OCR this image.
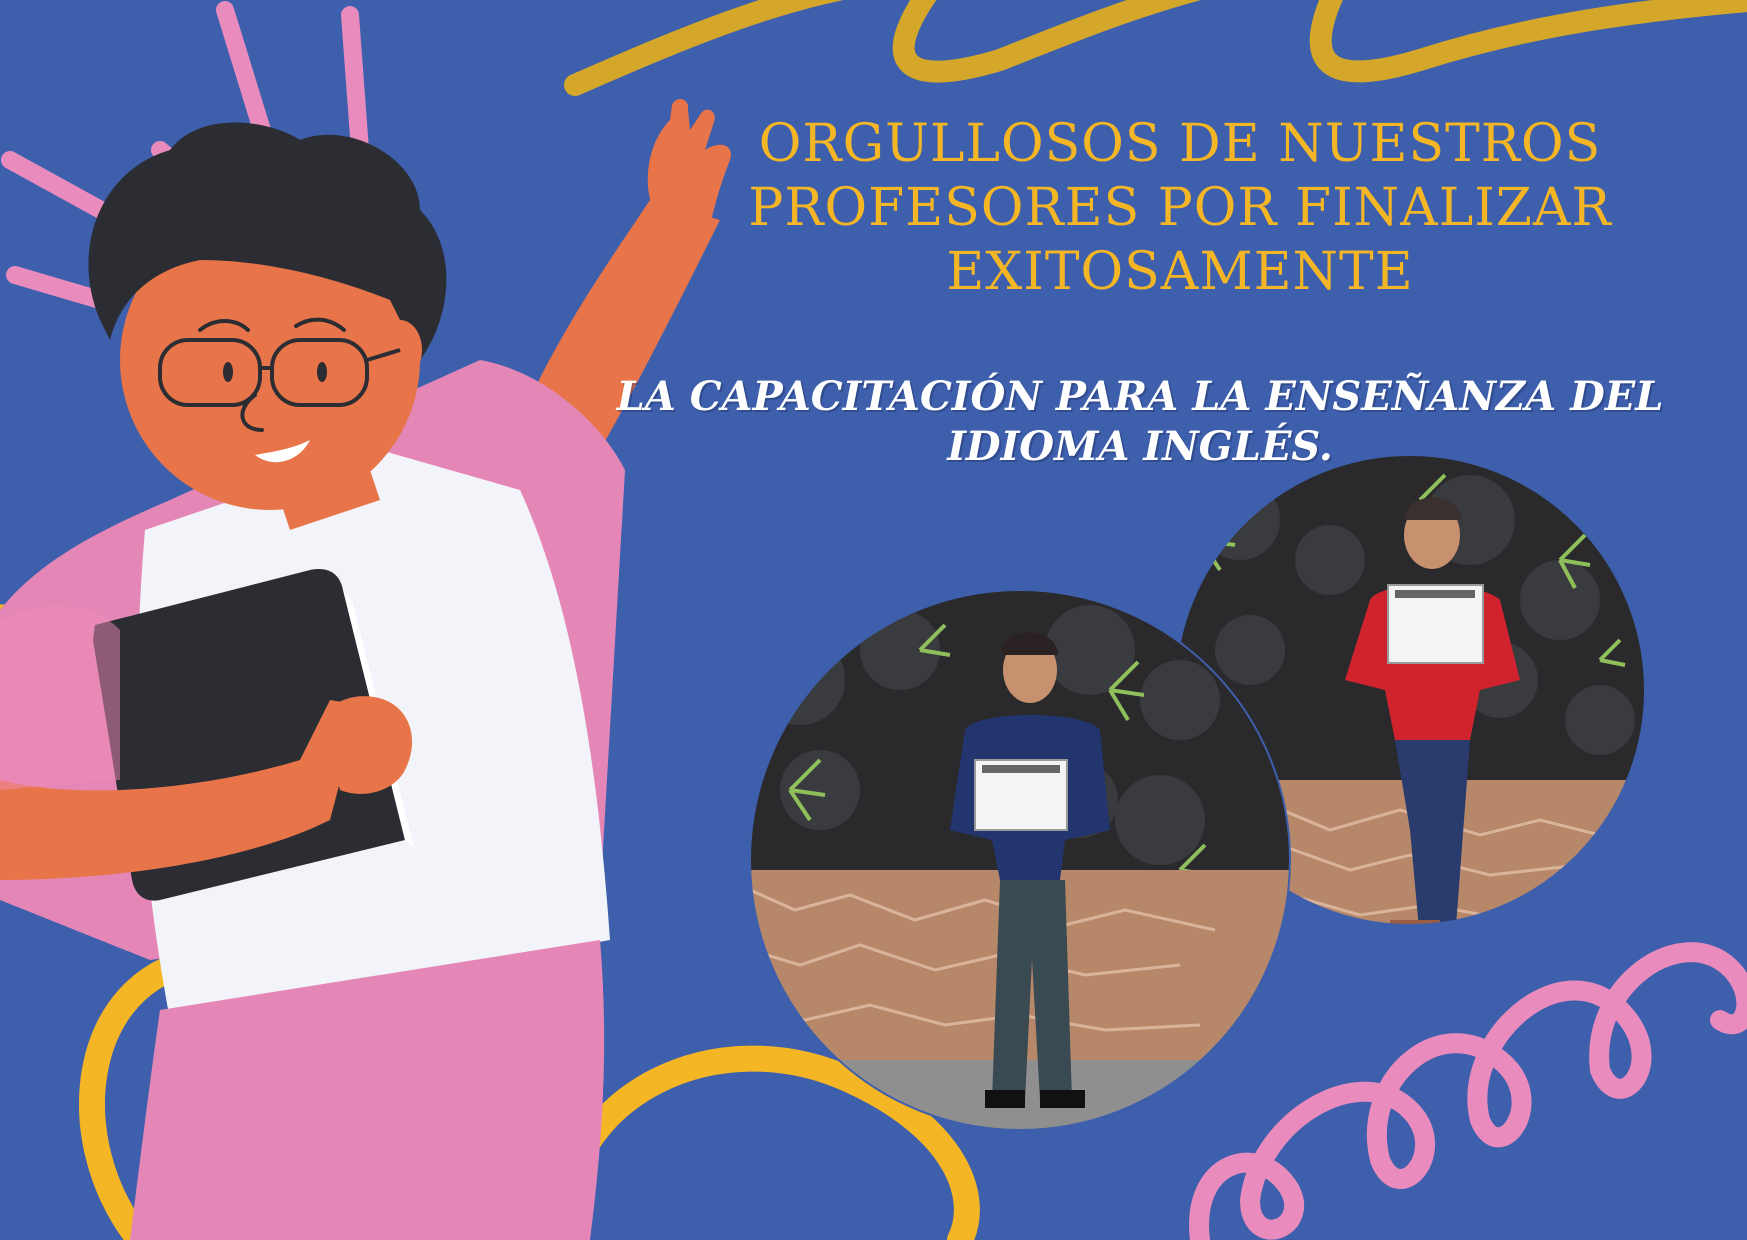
ORGULLOSOS DE NUESTROS
PROFESORES POR FINALIZAR
EXITOSAMENTE
LA CAPACITACIÓN PARA LA ENSEÑANZA DEL
IDIOMA INGLÉS.
